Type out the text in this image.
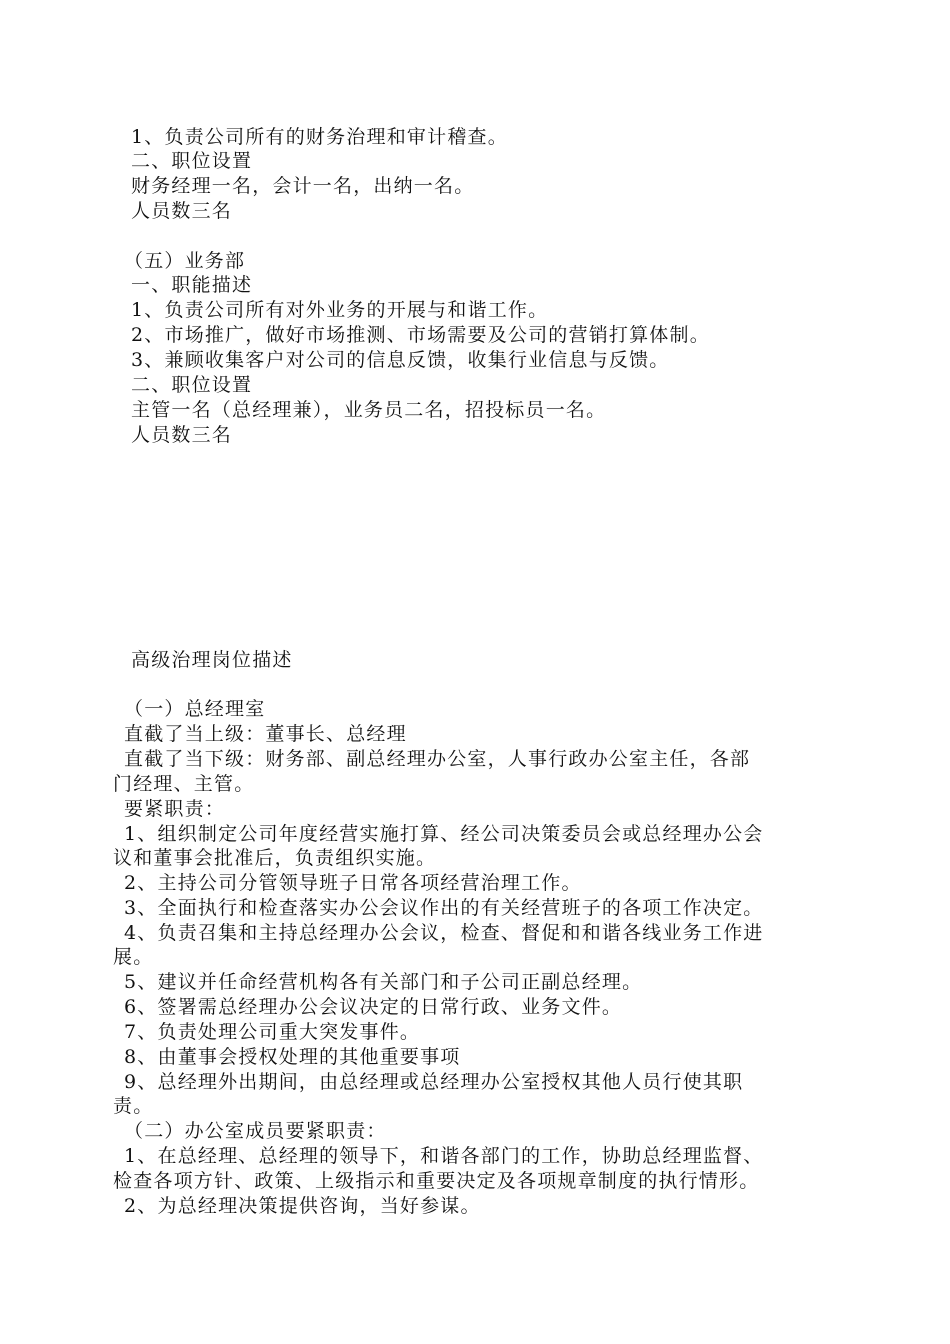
1、负责公司所有的财务治理和审计稽查。
二、职位设置
财务经理一名，会计一名，出纳一名。
人员数三名
（五）业务部
一、职能描述
1、负责公司所有对外业务的开展与和谐工作。
2、市场推广，做好市场推测、市场需要及公司的营销打算体制。
3、兼顾收集客户对公司的信息反馈，收集行业信息与反馈。
二、职位设置
主管一名（总经理兼），业务员二名，招投标员一名。
人员数三名
高级治理岗位描述
（一）总经理室
直截了当上级：董事长、总经理
直截了当下级：财务部、副总经理办公室，人事行政办公室主任，各部
门经理、主管。
要紧职责：
1、组织制定公司年度经营实施打算、经公司决策委员会或总经理办公会
议和董事会批准后，负责组织实施。
2、主持公司分管领导班子日常各项经营治理工作。
3、全面执行和检查落实办公会议作出的有关经营班子的各项工作决定。
4、负责召集和主持总经理办公会议，检查、督促和和谐各线业务工作进
展。
5、建议并任命经营机构各有关部门和子公司正副总经理。
6、签署需总经理办公会议决定的日常行政、业务文件。
7、负责处理公司重大突发事件。
8、由董事会授权处理的其他重要事项
9、总经理外出期间，由总经理或总经理办公室授权其他人员行使其职
责。
（二）办公室成员要紧职责：
1、在总经理、总经理的领导下，和谐各部门的工作，协助总经理监督、
检查各项方针、政策、上级指示和重要决定及各项规章制度的执行情形。
2、为总经理决策提供咨询，当好参谋。
